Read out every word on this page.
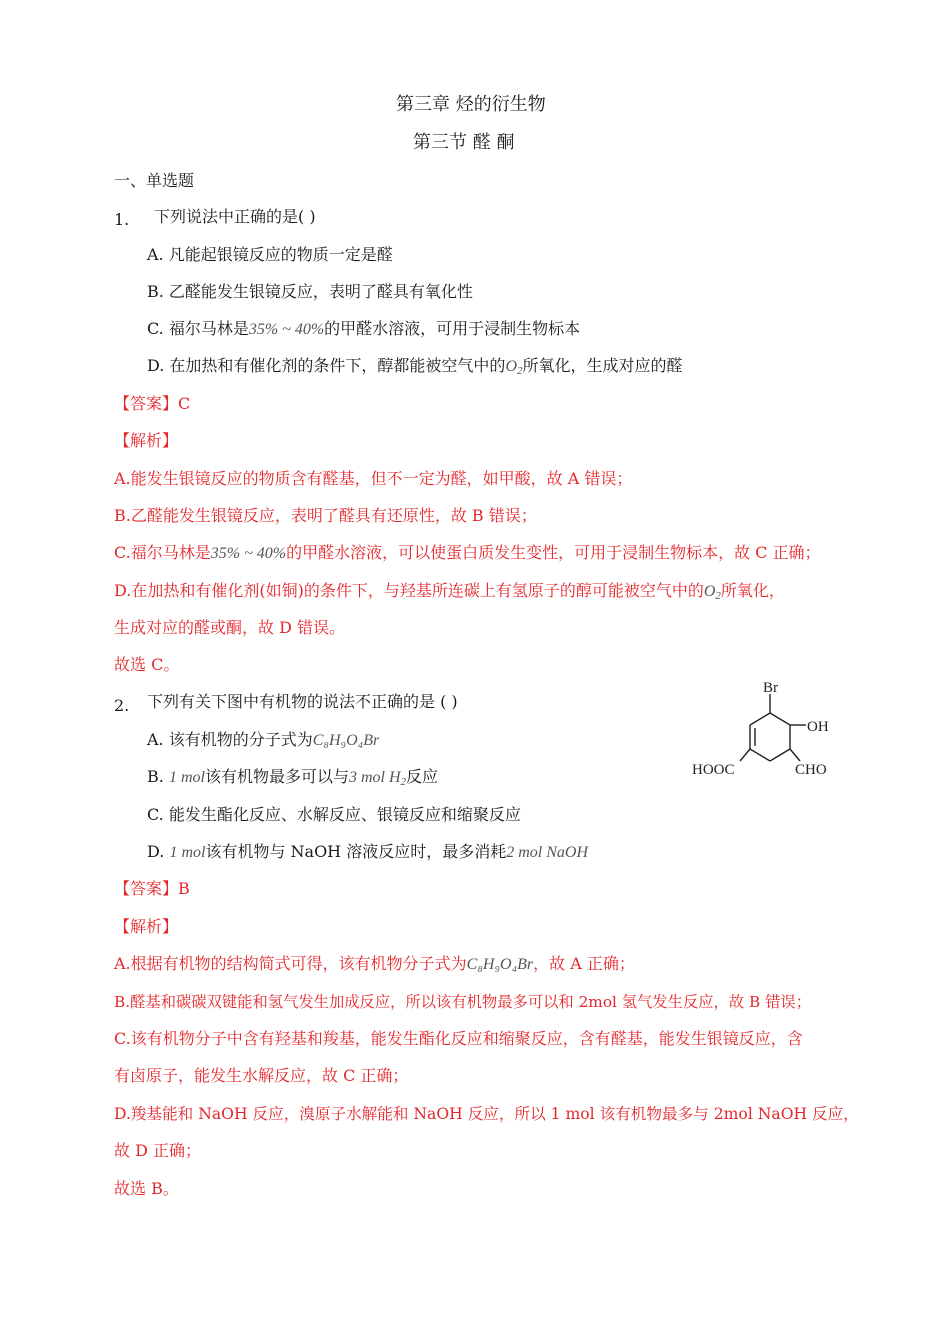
第三章 烃的衍生物
第三节 醛 酮
一、单选题
1. 下列说法中正确的是( )
A. 凡能起银镜反应的物质一定是醛
B. 乙醛能发生银镜反应，表明了醛具有氧化性
C. 福尔马林是35% ~ 40%的甲醛水溶液，可用于浸制生物标本
D. 在加热和有催化剂的条件下，醇都能被空气中的$O_2$所氧化，生成对应的醛
【答案】C
【解析】
A.能发生银镜反应的物质含有醛基，但不一定为醛，如甲酸，故 A 错误；
B.乙醛能发生银镜反应，表明了醛具有还原性，故 B 错误；
C.福尔马林是35% ~ 40%的甲醛水溶液，可以使蛋白质发生变性，可用于浸制生物标本，故 C 正确；
D.在加热和有催化剂(如铜)的条件下，与羟基所连碳上有氢原子的醇可能被空气中的$O_2$所氧化，
生成对应的醛或酮，故 D 错误。
故选 C。
2. 下列有关下图中有机物的说法不正确的是 ( )
A. 该有机物的分子式为C₈H₉O₄Br
B. 1 mol该有机物最多可以与3 mol $H_2$反应
C. 能发生酯化反应、水解反应、银镜反应和缩聚反应
D. 1 mol该有机物与 NaOH 溶液反应时，最多消耗2 mol NaOH
Br
OH
HOOC	CHO
【答案】B
【解析】
A.根据有机物的结构简式可得，该有机物分子式为C₈H₉O₄Br，故 A 正确；
B.醛基和碳碳双键能和氢气发生加成反应，所以该有机物最多可以和 2mol 氢气发生反应，故 B 错误；
C.该有机物分子中含有羟基和羧基，能发生酯化反应和缩聚反应，含有醛基，能发生银镜反应，含
有卤原子，能发生水解反应，故 C 正确；
D.羧基能和 NaOH 反应，溴原子水解能和 NaOH 反应，所以 1 mol 该有机物最多与 2mol NaOH 反应，
故 D 正确；
故选 B。
